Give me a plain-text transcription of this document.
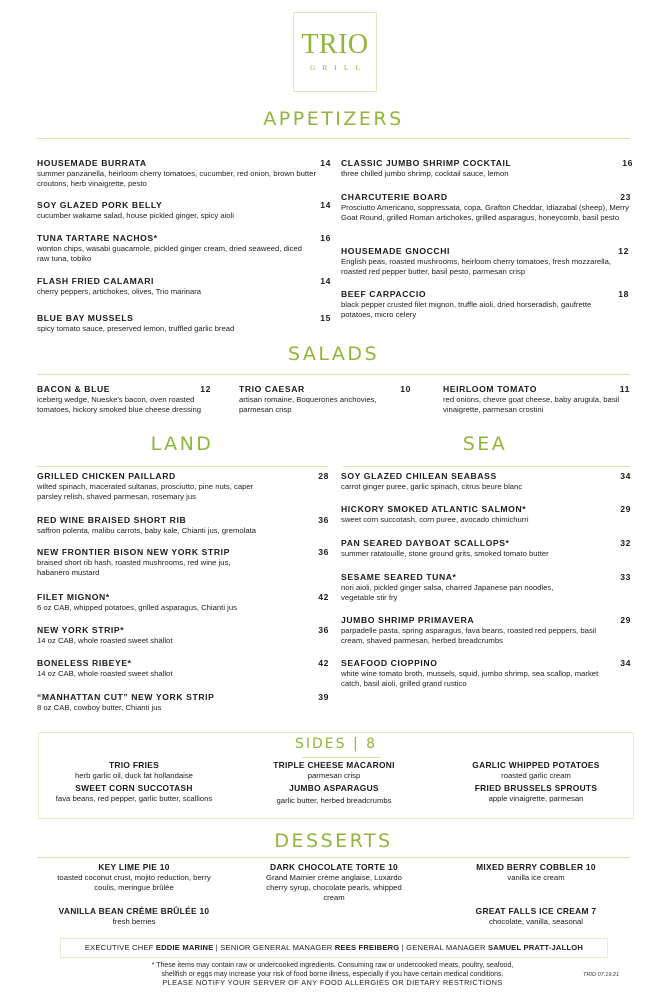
TRIO
GRILL
APPETIZERS
HOUSEMADE BURRATA	14
summer panzanella, heirloom cherry tomatoes, cucumber, red onion, brown butter croutons, herb vinaigrette, pesto
SOY GLAZED PORK BELLY	14
cucumber wakame salad, house pickled ginger, spicy aioli
TUNA TARTARE NACHOS*	16
wonton chips, wasabi guacamole, pickled ginger cream, dried seaweed, diced raw tuna, tobiko
FLASH FRIED CALAMARI	14
cherry peppers, artichokes, olives, Trio marinara
BLUE BAY MUSSELS	15
spicy tomato sauce, preserved lemon, truffled garlic bread
CLASSIC JUMBO SHRIMP COCKTAIL	16
three chilled jumbo shrimp, cocktail sauce, lemon
CHARCUTERIE BOARD	23
Prosciutto Americano, soppressata, copa, Grafton Cheddar, Idiazabal (sheep), Merry Goat Round, grilled Roman artichokes, grilled asparagus, honeycomb, basil pesto
HOUSEMADE GNOCCHI	12
English peas, roasted mushrooms, heirloom cherry tomatoes, fresh mozzarella, roasted red pepper butter, basil pesto, parmesan crisp
BEEF CARPACCIO	18
black pepper crusted filet mignon, truffle aioli, dried horseradish, gaufrette potatoes, micro celery
SALADS
BACON & BLUE	12
iceberg wedge, Nueske's bacon, oven roasted tomatoes, hickory smoked blue cheese dressing
TRIO CAESAR	10
artisan romaine, Boquerones anchovies, parmesan crisp
HEIRLOOM TOMATO	11
red onions, chevre goat cheese, baby arugula, basil vinaigrette, parmesan crostini
LAND
GRILLED CHICKEN PAILLARD	28
wilted spinach, macerated sultanas, prosciutto, pine nuts, caper parsley relish, shaved parmesan, rosemary jus
RED WINE BRAISED SHORT RIB	36
saffron polenta, malibu carrots, baby kale, Chianti jus, gremolata
NEW FRONTIER BISON NEW YORK STRIP	36
braised short rib hash, roasted mushrooms, red wine jus, habanero mustard
FILET MIGNON*	42
6 oz CAB, whipped potatoes, grilled asparagus, Chianti jus
NEW YORK STRIP*	36
14 oz CAB, whole roasted sweet shallot
BONELESS RIBEYE*	42
14 oz CAB, whole roasted sweet shallot
“MANHATTAN CUT” NEW YORK STRIP	39
8 oz CAB, cowboy butter, Chianti jus
SEA
SOY GLAZED CHILEAN SEABASS	34
carrot ginger puree, garlic spinach, citrus beure blanc
HICKORY SMOKED ATLANTIC SALMON*	29
sweet corn succotash, corn puree, avocado chimichurri
PAN SEARED DAYBOAT SCALLOPS*	32
summer ratatouille, stone ground grits, smoked tomato butter
SESAME SEARED TUNA*	33
nori aioli, pickled ginger salsa, charred Japanese pan noodles, vegetable stir fry
JUMBO SHRIMP PRIMAVERA	29
parpadelle pasta, spring asparagus, fava beans, roasted red peppers, basil cream, shaved parmesan, herbed breadcrumbs
SEAFOOD CIOPPINO	34
white wine tomato broth, mussels, squid, jumbo shrimp, sea scallop, market catch, basil aioli, grilled grand rustico
SIDES | 8
TRIO FRIES
herb garlic oil, duck fat hollandaise
TRIPLE CHEESE MACARONI
parmesan crisp
GARLIC WHIPPED POTATOES
roasted garlic cream
SWEET CORN SUCCOTASH
fava beans, red pepper, garlic butter, scallions
JUMBO ASPARAGUS
garlic butter, herbed breadcrumbs
FRIED BRUSSELS SPROUTS
apple vinaigrette, parmesan
DESSERTS
KEY LIME PIE 10
toasted coconut crust, mojito reduction, berry coulis, meringue brûlée
DARK CHOCOLATE TORTE 10
Grand Marnier crème anglaise, Luxardo cherry syrup, chocolate pearls, whipped cream
MIXED BERRY COBBLER 10
vanilla ice cream
VANILLA BEAN CRÈME BRÛLÉE 10
fresh berries
GREAT FALLS ICE CREAM 7
chocolate, vanilla, seasonal
EXECUTIVE CHEF EDDIE MARINE | SENIOR GENERAL MANAGER REES FREIBERG | GENERAL MANAGER SAMUEL PRATT-JALLOH
* These items may contain raw or undercooked ingredients. Consuming raw or undercooked meats, poultry, seafood,
shellfish or eggs may increase your risk of food borne illness, especially if you have certain medical conditions.
PLEASE NOTIFY YOUR SERVER OF ANY FOOD ALLERGIES OR DIETARY RESTRICTIONS
TRIO 07.19.21
